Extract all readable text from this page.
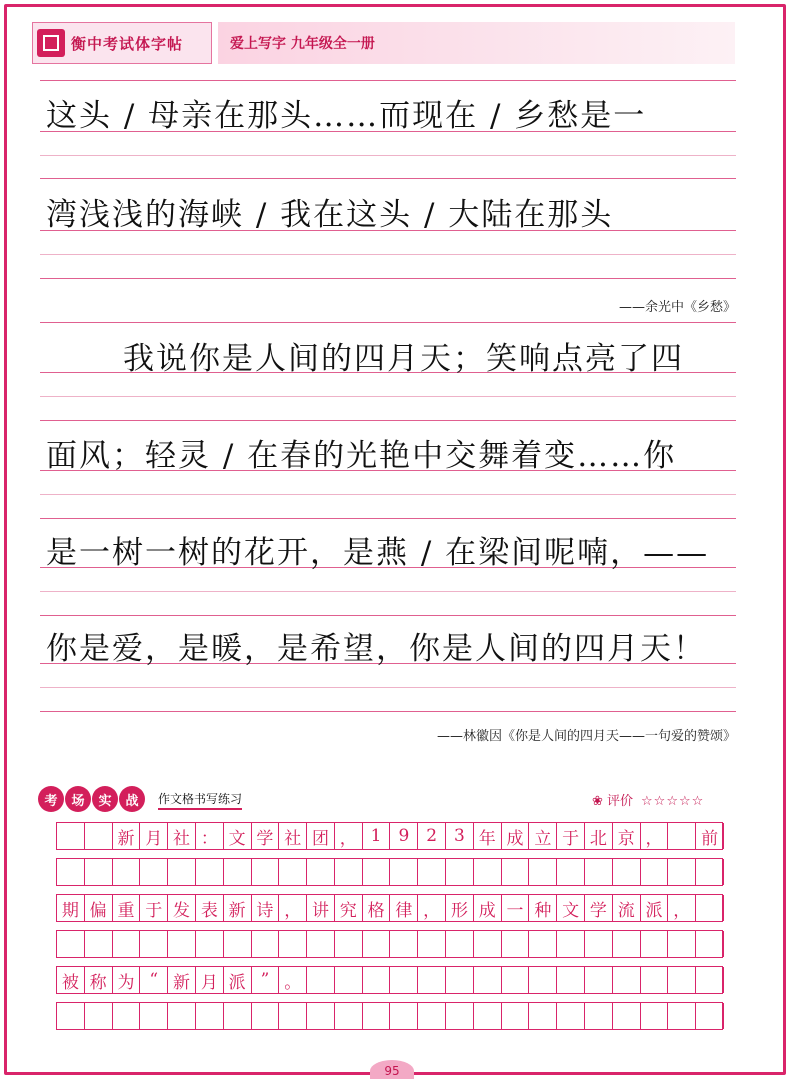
衡中考试体字帖	爱上写字 九年级全一册
这头 / 母亲在那头……而现在 / 乡愁是一
湾浅浅的海峡 / 我在这头 / 大陆在那头
——余光中《乡愁》
　我说你是人间的四月天；笑响点亮了四
面风；轻灵 / 在春的光艳中交舞着变……你
是一树一树的花开，是燕 / 在梁间呢喃，——
你是爱，是暖，是希望，你是人间的四月天！
——林徽因《你是人间的四月天——一句爱的赞颂》
考	场	实	战	作文格书写练习	❀ 评价 ☆☆☆☆☆
新 月 社 ： 文 学 社 团 ， 1 9 2 3 年 成 立 于 北 京 ，	前
期 偏 重 于 发 表 新 诗 ， 讲 究 格 律 ， 形 成 一 种 文 学 流 派 ，
被 称 为 “ 新 月 派 ” 。
95
